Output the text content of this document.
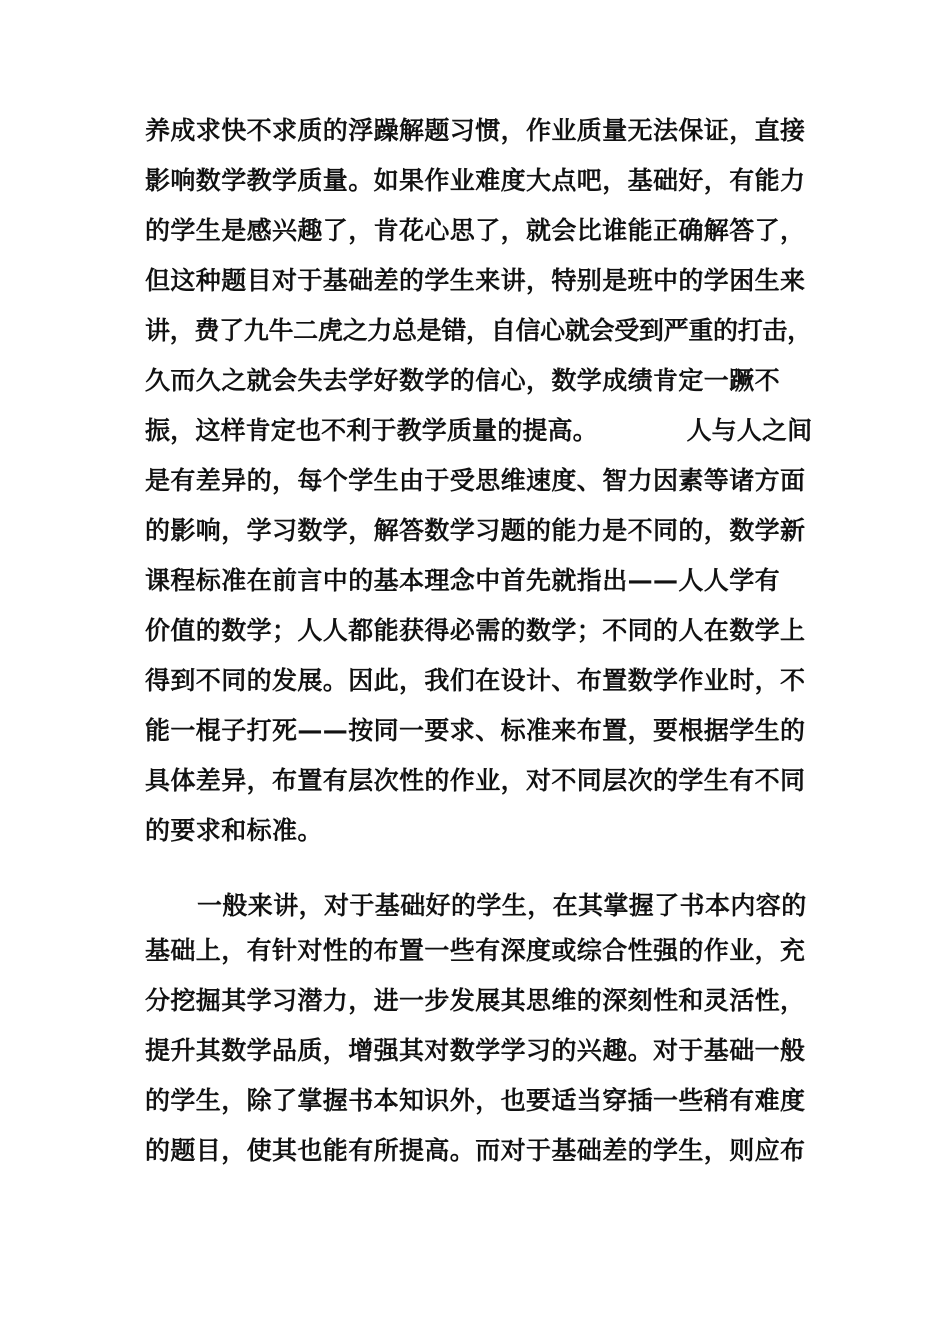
养成求快不求质的浮躁解题习惯，作业质量无法保证，直接
影响数学教学质量。如果作业难度大点吧，基础好，有能力
的学生是感兴趣了，肯花心思了，就会比谁能正确解答了，
但这种题目对于基础差的学生来讲，特别是班中的学困生来
讲，费了九牛二虎之力总是错，自信心就会受到严重的打击，
久而久之就会失去学好数学的信心，数学成绩肯定一蹶不
振，这样肯定也不利于教学质量的提高。          人与人之间
是有差异的，每个学生由于受思维速度、智力因素等诸方面
的影响，学习数学，解答数学习题的能力是不同的，数学新
课程标准在前言中的基本理念中首先就指出——人人学有
价值的数学；人人都能获得必需的数学；不同的人在数学上
得到不同的发展。因此，我们在设计、布置数学作业时，不
能一棍子打死——按同一要求、标准来布置，要根据学生的
具体差异，布置有层次性的作业，对不同层次的学生有不同
的要求和标准。
一般来讲，对于基础好的学生，在其掌握了书本内容的
基础上，有针对性的布置一些有深度或综合性强的作业，充
分挖掘其学习潜力，进一步发展其思维的深刻性和灵活性，
提升其数学品质，增强其对数学学习的兴趣。对于基础一般
的学生，除了掌握书本知识外，也要适当穿插一些稍有难度
的题目，使其也能有所提高。而对于基础差的学生，则应布
